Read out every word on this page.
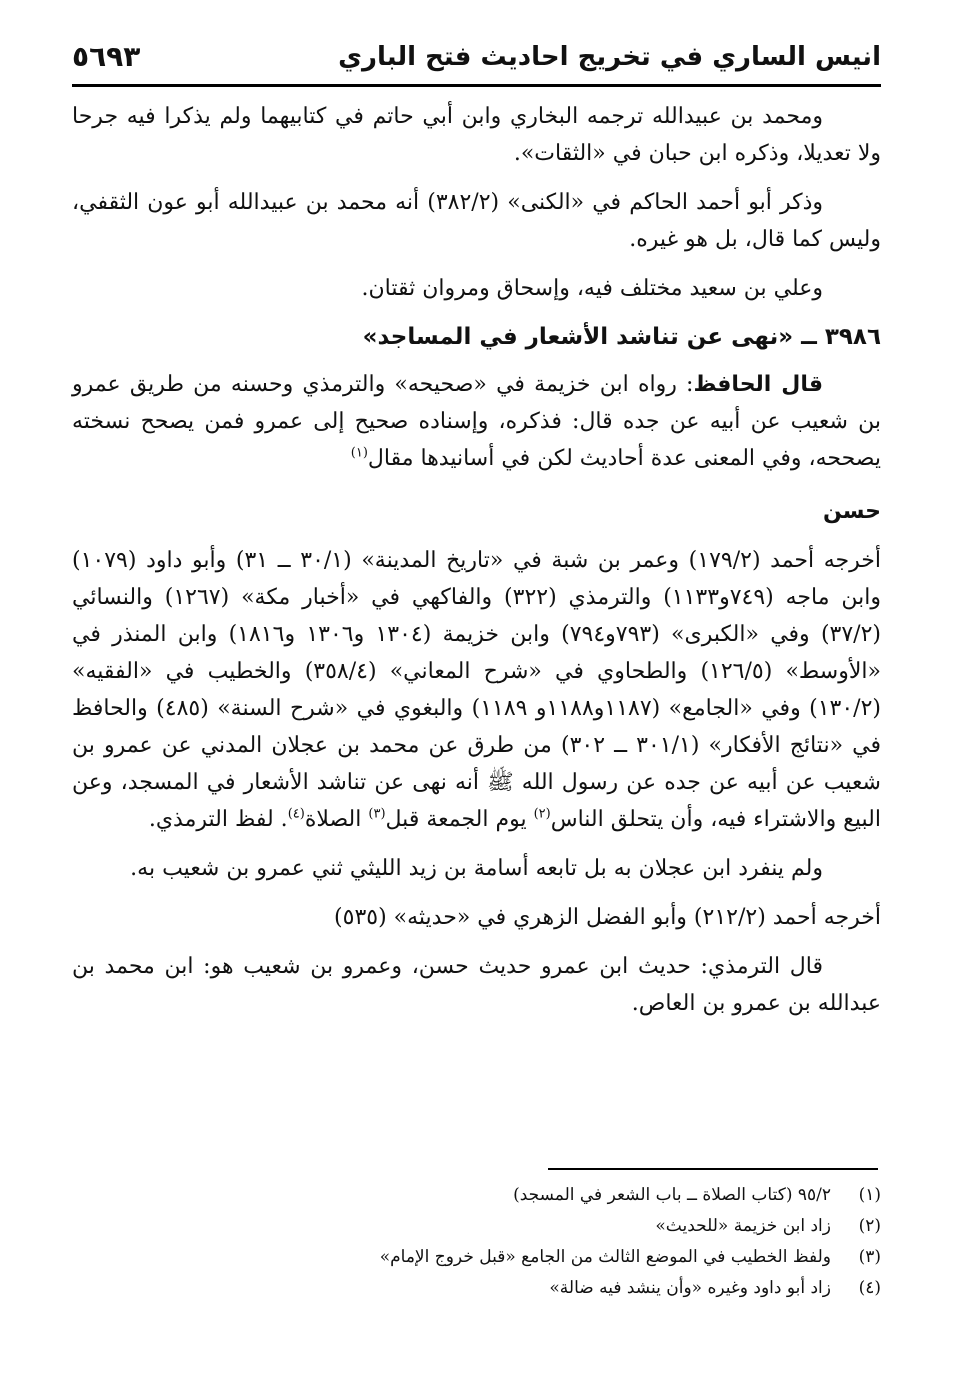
انيس الساري في تخريج احاديث فتح الباري
٥٦٩٣

ومحمد بن عبيدالله ترجمه البخاري وابن أبي حاتم في كتابيهما ولم يذكرا فيه جرحا ولا تعديلا، وذكره ابن حبان في «الثقات».

وذكر أبو أحمد الحاكم في «الكنى» (٣٨٢/٢) أنه محمد بن عبيدالله أبو عون الثقفي، وليس كما قال، بل هو غيره.

وعلي بن سعيد مختلف فيه، وإسحاق ومروان ثقتان.

٣٩٨٦ ــ «نهى عن تناشد الأشعار في المساجد»

قال الحافظ: رواه ابن خزيمة في «صحيحه» والترمذي وحسنه من طريق عمرو بن شعيب عن أبيه عن جده قال: فذكره، وإسناده صحيح إلى عمرو فمن يصحح نسخته يصححه، وفي المعنى عدة أحاديث لكن في أسانيدها مقال$^{(١)}$

حسن

أخرجه أحمد (١٧٩/٢) وعمر بن شبة في «تاريخ المدينة» (٣٠/١ ــ ٣١) وأبو داود (١٠٧٩) وابن ماجه (٧٤٩و١١٣٣) والترمذي (٣٢٢) والفاكهي في «أخبار مكة» (١٢٦٧) والنسائي (٣٧/٢) وفي «الكبرى» (٧٩٣و٧٩٤) وابن خزيمة (١٣٠٤ و١٣٠٦ و١٨١٦) وابن المنذر في «الأوسط» (١٢٦/٥) والطحاوي في «شرح المعاني» (٣٥٨/٤) والخطيب في «الفقيه» (١٣٠/٢) وفي «الجامع» (١١٨٧و١١٨٨و ١١٨٩) والبغوي في «شرح السنة» (٤٨٥) والحافظ في «نتائج الأفكار» (٣٠١/١ ــ ٣٠٢) من طرق عن محمد بن عجلان المدني عن عمرو بن شعيب عن أبيه عن جده عن رسول الله ﷺ أنه نهى عن تناشد الأشعار في المسجد، وعن البيع والاشتراء فيه، وأن يتحلق الناس$^{(٢)}$ يوم الجمعة قبل$^{(٣)}$ الصلاة$^{(٤)}$. لفظ الترمذي.

ولم ينفرد ابن عجلان به بل تابعه أسامة بن زيد الليثي ثني عمرو بن شعيب به.

أخرجه أحمد (٢١٢/٢) وأبو الفضل الزهري في «حديثه» (٥٣٥)

قال الترمذي: حديث ابن عمرو حديث حسن، وعمرو بن شعيب هو: ابن محمد بن عبدالله بن عمرو بن العاص.

(١)
٩٥/٢ (كتاب الصلاة ــ باب الشعر في المسجد)
(٢)
زاد ابن خزيمة «للحديث»
(٣)
ولفظ الخطيب في الموضع الثالث من الجامع «قبل خروج الإمام»
(٤)
زاد أبو داود وغيره «وأن ينشد فيه ضالة»
